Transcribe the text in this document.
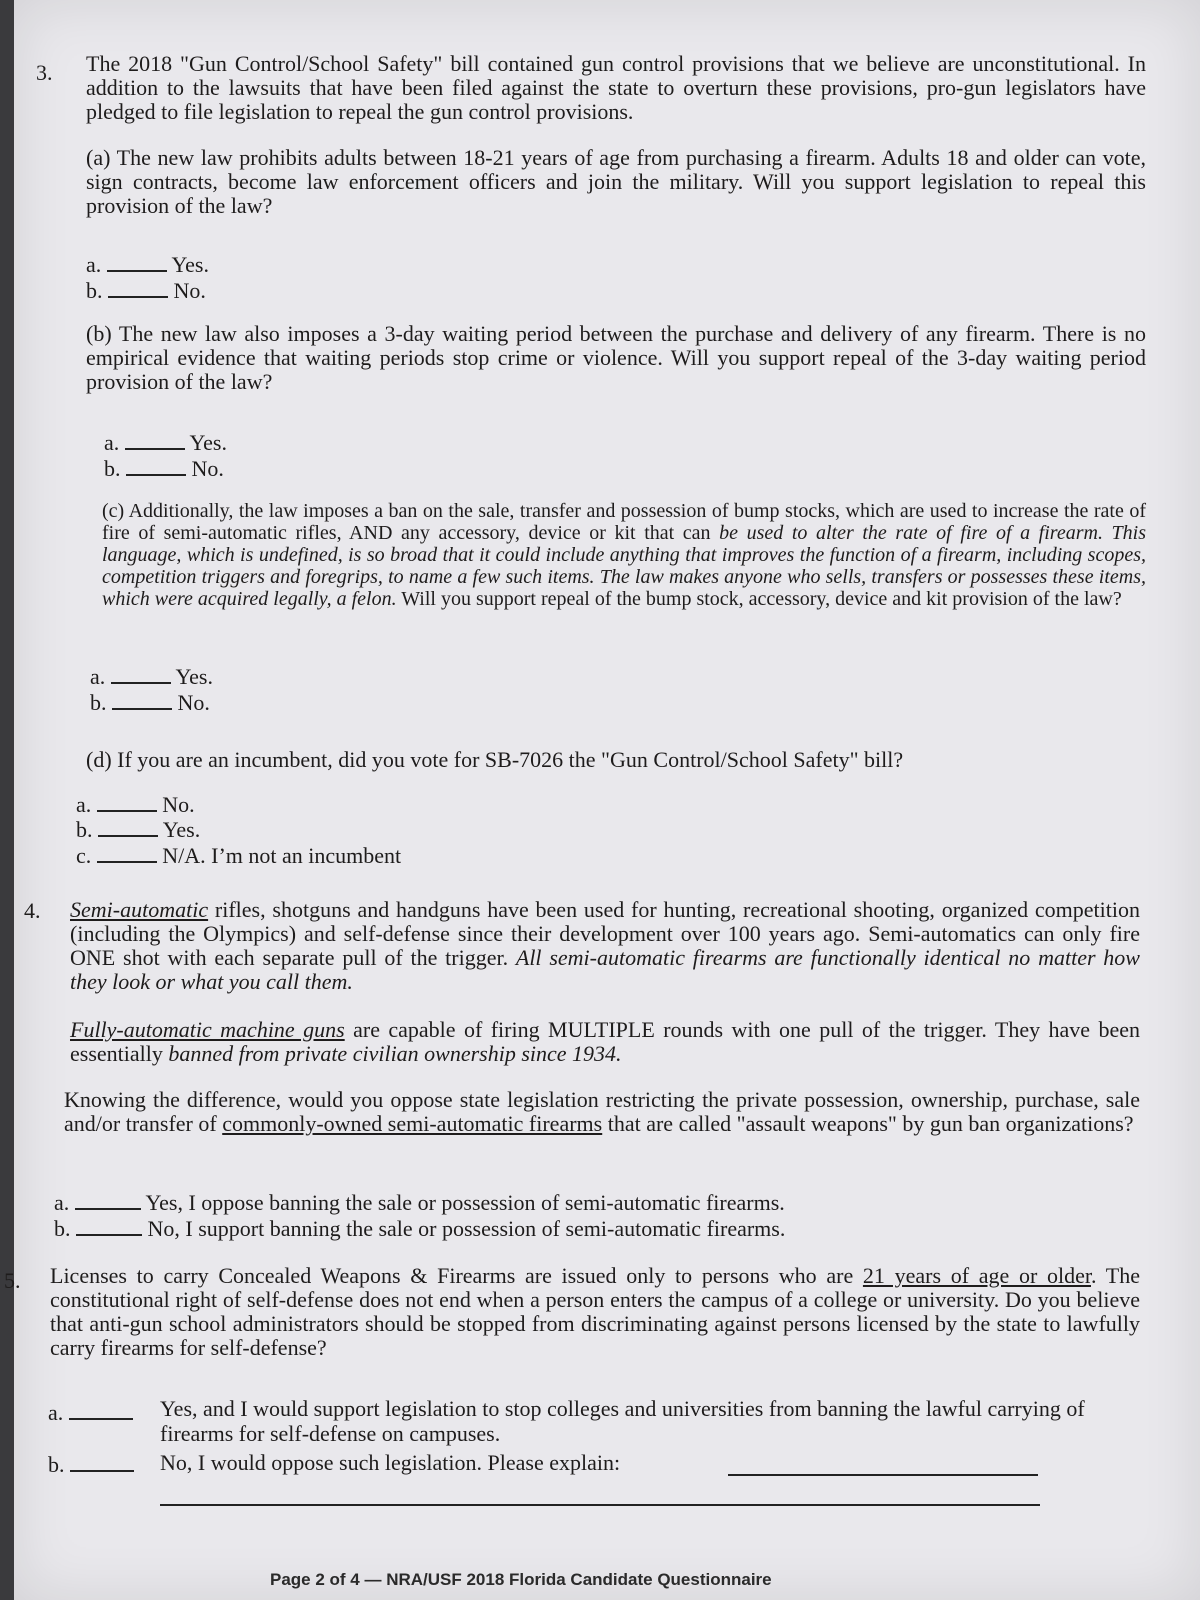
3. The 2018 "Gun Control/School Safety" bill contained gun control provisions that we believe are unconstitutional. In addition to the lawsuits that have been filed against the state to overturn these provisions, pro-gun legislators have pledged to file legislation to repeal the gun control provisions.
(a) The new law prohibits adults between 18-21 years of age from purchasing a firearm. Adults 18 and older can vote, sign contracts, become law enforcement officers and join the military. Will you support legislation to repeal this provision of the law?
a.	Yes.
b.	No.
(b) The new law also imposes a 3-day waiting period between the purchase and delivery of any firearm. There is no empirical evidence that waiting periods stop crime or violence. Will you support repeal of the 3-day waiting period provision of the law?
a.	Yes.
b.	No.
(c) Additionally, the law imposes a ban on the sale, transfer and possession of bump stocks, which are used to increase the rate of fire of semi-automatic rifles, AND any accessory, device or kit that can be used to alter the rate of fire of a firearm. This language, which is undefined, is so broad that it could include anything that improves the function of a firearm, including scopes, competition triggers and foregrips, to name a few such items. The law makes anyone who sells, transfers or possesses these items, which were acquired legally, a felon. Will you support repeal of the bump stock, accessory, device and kit provision of the law?
a.	Yes.
b.	No.
(d) If you are an incumbent, did you vote for SB-7026 the "Gun Control/School Safety" bill?
a.	No.
b.	Yes.
c.	N/A. I’m not an incumbent
4. Semi-automatic rifles, shotguns and handguns have been used for hunting, recreational shooting, organized competition (including the Olympics) and self-defense since their development over 100 years ago. Semi-automatics can only fire ONE shot with each separate pull of the trigger. All semi-automatic firearms are functionally identical no matter how they look or what you call them.
Fully-automatic machine guns are capable of firing MULTIPLE rounds with one pull of the trigger. They have been essentially banned from private civilian ownership since 1934.
Knowing the difference, would you oppose state legislation restricting the private possession, ownership, purchase, sale and/or transfer of commonly-owned semi-automatic firearms that are called "assault weapons" by gun ban organizations?
a.	Yes, I oppose banning the sale or possession of semi-automatic firearms.
b.	No, I support banning the sale or possession of semi-automatic firearms.
5. Licenses to carry Concealed Weapons & Firearms are issued only to persons who are 21 years of age or older. The constitutional right of self-defense does not end when a person enters the campus of a college or university. Do you believe that anti-gun school administrators should be stopped from discriminating against persons licensed by the state to lawfully carry firearms for self-defense?
a.	Yes, and I would support legislation to stop colleges and universities from banning the lawful carrying of firearms for self-defense on campuses.
b.	No, I would oppose such legislation. Please explain:
Page 2 of 4 — NRA/USF 2018 Florida Candidate Questionnaire
